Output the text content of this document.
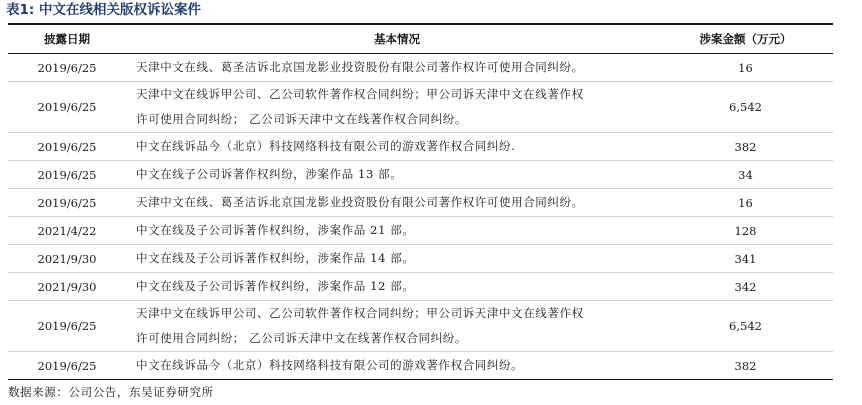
表1: 中文在线相关版权诉讼案件
披露日期	基本情况	涉案金额（万元）
2019/6/25	天津中文在线、葛圣洁诉北京国龙影业投资股份有限公司著作权许可使用合同纠纷。	16
2019/6/25	天津中文在线诉甲公司、乙公司软件著作权合同纠纷；甲公司诉天津中文在线著作权
许可使用合同纠纷； 乙公司诉天津中文在线著作权合同纠纷。	6,542
2019/6/25	中文在线诉品今（北京）科技网络科技有限公司的游戏著作权合同纠纷.	382
2019/6/25	中文在线子公司诉著作权纠纷，涉案作品 13 部。	34
2019/6/25	天津中文在线、葛圣洁诉北京国龙影业投资股份有限公司著作权许可使用合同纠纷。	16
2021/4/22	中文在线及子公司诉著作权纠纷，涉案作品 21 部。	128
2021/9/30	中文在线及子公司诉著作权纠纷，涉案作品 14 部。	341
2021/9/30	中文在线及子公司诉著作权纠纷，涉案作品 12 部。	342
2019/6/25	天津中文在线诉甲公司、乙公司软件著作权合同纠纷；甲公司诉天津中文在线著作权
许可使用合同纠纷； 乙公司诉天津中文在线著作权合同纠纷。	6,542
2019/6/25	中文在线诉品今（北京）科技网络科技有限公司的游戏著作权合同纠纷。	382
数据来源：公司公告，东吴证券研究所
